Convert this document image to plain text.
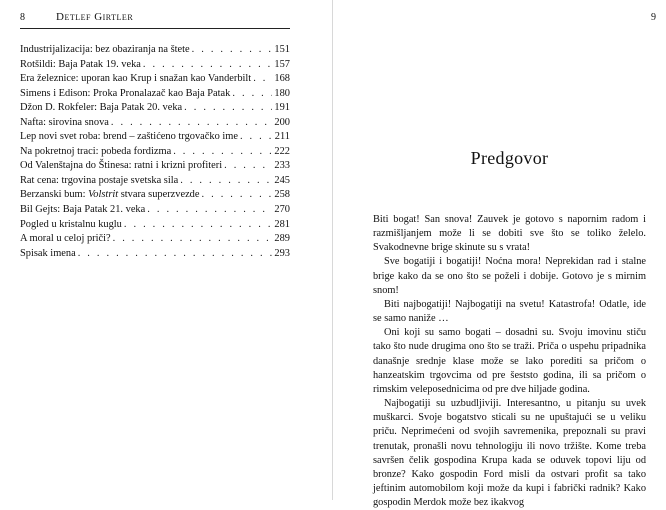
8	Detlef Girtler
Industrijalizacija: bez obaziranja na štete . . .	151
Rotšildi: Baja Patak 19. veka . . .	157
Era železnice: uporan kao Krup i snažan kao Vanderbilt . . . 168
Simens i Edison: Proka Pronalazač kao Baja Patak . . .	180
Džon D. Rokfeler: Baja Patak 20. veka . . .	191
Nafta: sirovina snova . . .	200
Lep novi svet roba: brend – zaštićeno trgovačko ime . . .	211
Na pokretnoj traci: pobeda fordizma . . .	222
Od Valenštajna do Štinesa: ratni i krizni profiteri . . .	233
Rat cena: trgovina postaje svetska sila . . .	245
Berzanski bum: Volstrit stvara superzvezde . . .	258
Bil Gejts: Baja Patak 21. veka . . .	270
Pogled u kristalnu kuglu . . .	281
A moral u celoj priči? . . .	289
Spisak imena . . .	293
9
Predgovor

Biti bogat! San snova! Zauvek je gotovo s napornim radom i razmišljanjem može li se dobiti sve što se toliko želelo. Svakodnevne brige skinute su s vrata!

Sve bogatiji i bogatiji! Noćna mora! Neprekidan rad i stalne brige kako da se ono što se poželi i dobije. Gotovo je s mirnim snom!

Biti najbogatiji! Najbogatiji na svetu! Katastrofa! Odatle, ide se samo naniže …

Oni koji su samo bogati – dosadni su. Svoju imovinu stiču tako što nude drugima ono što se traži. Priča o uspehu pripadnika današnje srednje klase može se lako porediti sa pričom o hanzeatskim trgovcima od pre šeststo godina, ili sa pričom o rimskim veleposednicima od pre dve hiljade godina.

Najbogatiji su uzbudljiviji. Interesantno, u pitanju su uvek muškarci. Svoje bogatstvo sticali su ne upuštajući se u veliku priču. Neprimećeni od svojih savremenika, prepoznali su pravi trenutak, pronašli novu tehnologiju ili novo tržište. Kome treba savršen čelik gospodina Krupa kada se oduvek topovi liju od bronze? Kako gospodin Ford misli da ostvari profit sa tako jeftinim automobilom koji može da kupi i fabrički radnik? Kako gospodin Merdok može bez ikakvog
